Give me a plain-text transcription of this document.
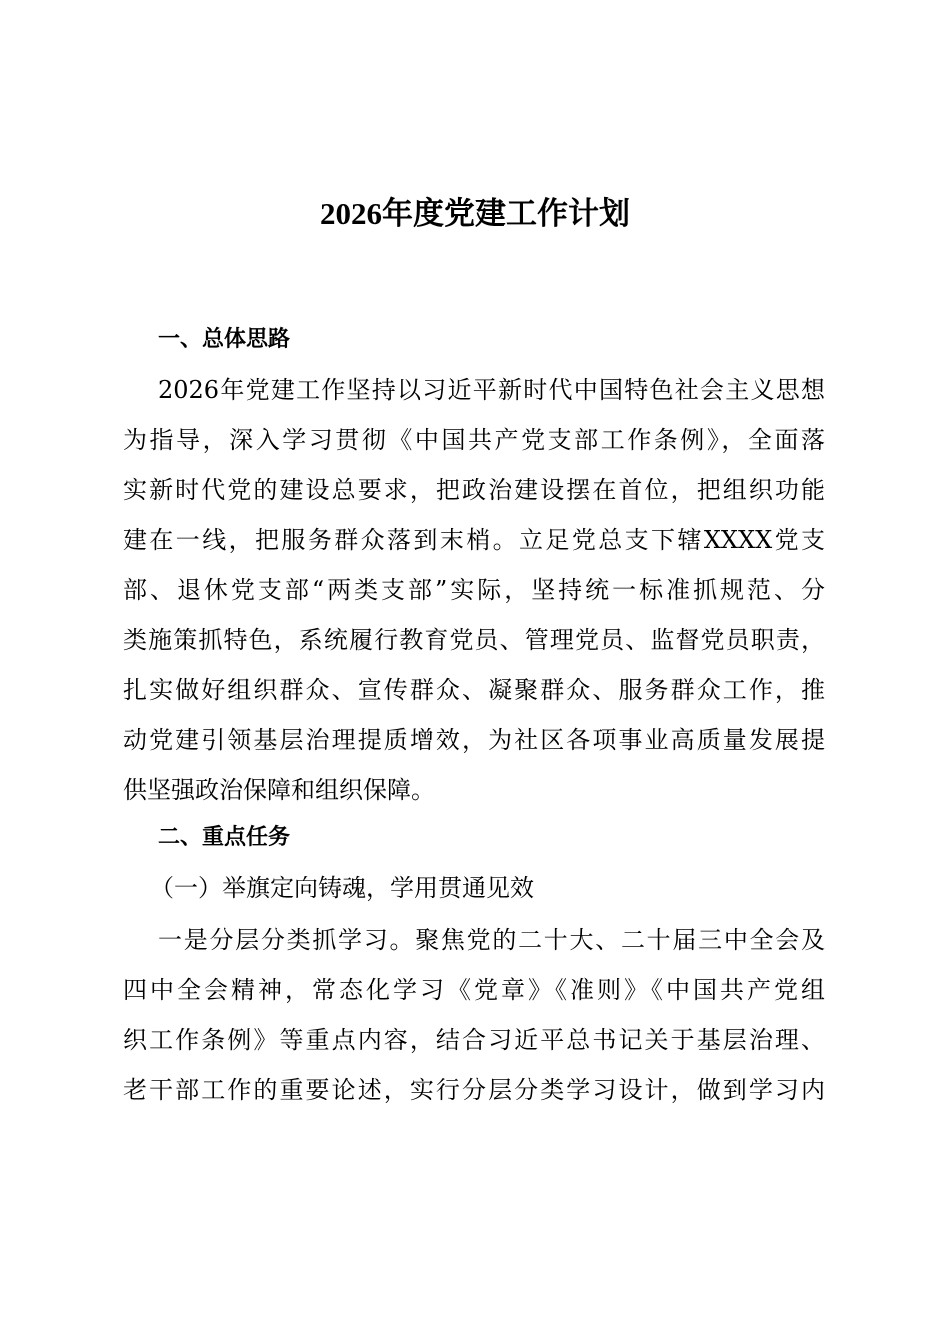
2026年度党建工作计划
一、总体思路
2026年党建工作坚持以习近平新时代中国特色社会主义思想
为指导，深入学习贯彻《中国共产党支部工作条例》，全面落
实新时代党的建设总要求，把政治建设摆在首位，把组织功能
建在一线，把服务群众落到末梢。立足党总支下辖XXXX党支
部、退休党支部“两类支部”实际，坚持统一标准抓规范、分
类施策抓特色，系统履行教育党员、管理党员、监督党员职责，
扎实做好组织群众、宣传群众、凝聚群众、服务群众工作，推
动党建引领基层治理提质增效，为社区各项事业高质量发展提
供坚强政治保障和组织保障。
二、重点任务
（一）举旗定向铸魂，学用贯通见效
一是分层分类抓学习。聚焦党的二十大、二十届三中全会及
四中全会精神，常态化学习《党章》《准则》《中国共产党组
织工作条例》等重点内容，结合习近平总书记关于基层治理、
老干部工作的重要论述，实行分层分类学习设计，做到学习内
